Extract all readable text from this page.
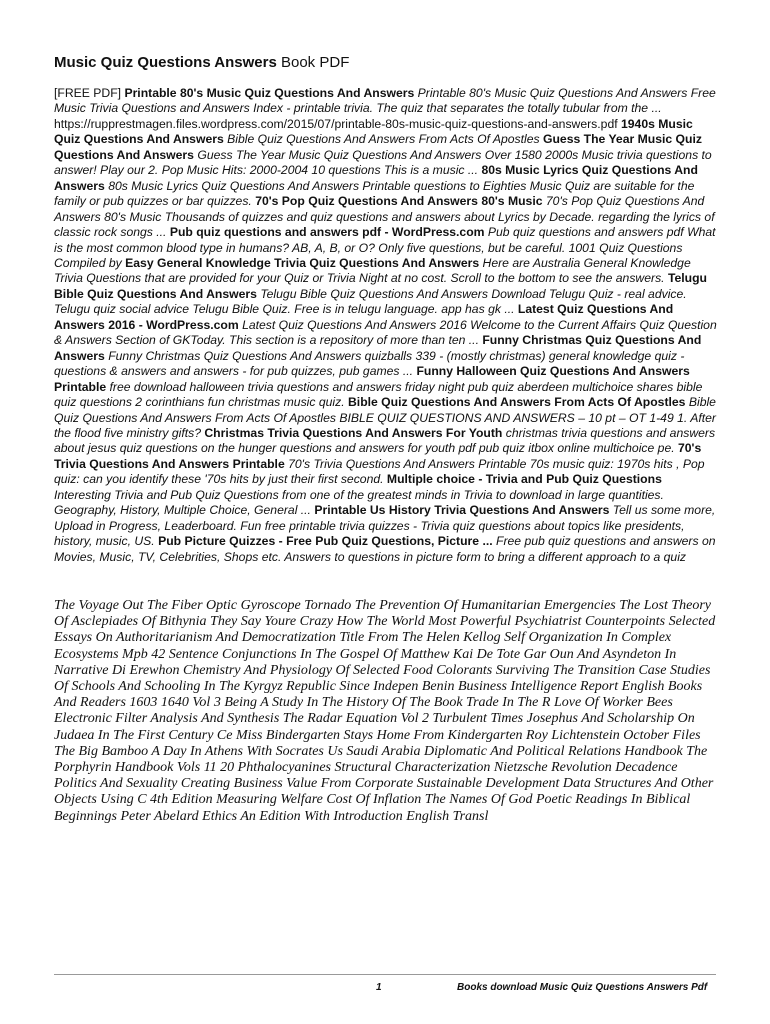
Music Quiz Questions Answers Book PDF
[FREE PDF] Printable 80's Music Quiz Questions And Answers Printable 80's Music Quiz Questions And Answers Free Music Trivia Questions and Answers Index - printable trivia. The quiz that separates the totally tubular from the ... https://rupprestmagen.files.wordpress.com/2015/07/printable-80s-music-quiz-questions-and-answers.pdf 1940s Music Quiz Questions And Answers Bible Quiz Questions And Answers From Acts Of Apostles Guess The Year Music Quiz Questions And Answers Guess The Year Music Quiz Questions And Answers Over 1580 2000s Music trivia questions to answer! Play our 2. Pop Music Hits: 2000-2004 10 questions This is a music ... 80s Music Lyrics Quiz Questions And Answers 80s Music Lyrics Quiz Questions And Answers Printable questions to Eighties Music Quiz are suitable for the family or pub quizzes or bar quizzes. 70's Pop Quiz Questions And Answers 80's Music 70's Pop Quiz Questions And Answers 80's Music Thousands of quizzes and quiz questions and answers about Lyrics by Decade. regarding the lyrics of classic rock songs ... Pub quiz questions and answers pdf - WordPress.com Pub quiz questions and answers pdf What is the most common blood type in humans? AB, A, B, or O? Only five questions, but be careful. 1001 Quiz Questions Compiled by Easy General Knowledge Trivia Quiz Questions And Answers Here are Australia General Knowledge Trivia Questions that are provided for your Quiz or Trivia Night at no cost. Scroll to the bottom to see the answers. Telugu Bible Quiz Questions And Answers Telugu Bible Quiz Questions And Answers Download Telugu Quiz - real advice. Telugu quiz social advice Telugu Bible Quiz. Free is in telugu language. app has gk ... Latest Quiz Questions And Answers 2016 - WordPress.com Latest Quiz Questions And Answers 2016 Welcome to the Current Affairs Quiz Question & Answers Section of GKToday. This section is a repository of more than ten ... Funny Christmas Quiz Questions And Answers Funny Christmas Quiz Questions And Answers quizballs 339 - (mostly christmas) general knowledge quiz - questions & answers and answers - for pub quizzes, pub games ... Funny Halloween Quiz Questions And Answers Printable free download halloween trivia questions and answers friday night pub quiz aberdeen multichoice shares bible quiz questions 2 corinthians fun christmas music quiz. Bible Quiz Questions And Answers From Acts Of Apostles Bible Quiz Questions And Answers From Acts Of Apostles BIBLE QUIZ QUESTIONS AND ANSWERS – 10 pt – OT 1-49 1. After the flood five ministry gifts? Christmas Trivia Questions And Answers For Youth christmas trivia questions and answers about jesus quiz questions on the hunger questions and answers for youth pdf pub quiz itbox online multichoice pe. 70's Trivia Questions And Answers Printable 70's Trivia Questions And Answers Printable 70s music quiz: 1970s hits , Pop quiz: can you identify these '70s hits by just their first second. Multiple choice - Trivia and Pub Quiz Questions Interesting Trivia and Pub Quiz Questions from one of the greatest minds in Trivia to download in large quantities. Geography, History, Multiple Choice, General ... Printable Us History Trivia Questions And Answers Tell us some more, Upload in Progress, Leaderboard. Fun free printable trivia quizzes - Trivia quiz questions about topics like presidents, history, music, US. Pub Picture Quizzes - Free Pub Quiz Questions, Picture ... Free pub quiz questions and answers on Movies, Music, TV, Celebrities, Shops etc. Answers to questions in picture form to bring a different approach to a quiz
The Voyage Out The Fiber Optic Gyroscope Tornado The Prevention Of Humanitarian Emergencies The Lost Theory Of Asclepiades Of Bithynia They Say Youre Crazy How The World Most Powerful Psychiatrist Counterpoints Selected Essays On Authoritarianism And Democratization Title From The Helen Kellog Self Organization In Complex Ecosystems Mpb 42 Sentence Conjunctions In The Gospel Of Matthew Kai De Tote Gar Oun And Asyndeton In Narrative Di Erewhon Chemistry And Physiology Of Selected Food Colorants Surviving The Transition Case Studies Of Schools And Schooling In The Kyrgyz Republic Since Indepen Benin Business Intelligence Report English Books And Readers 1603 1640 Vol 3 Being A Study In The History Of The Book Trade In The R Love Of Worker Bees Electronic Filter Analysis And Synthesis The Radar Equation Vol 2 Turbulent Times Josephus And Scholarship On Judaea In The First Century Ce Miss Bindergarten Stays Home From Kindergarten Roy Lichtenstein October Files The Big Bamboo A Day In Athens With Socrates Us Saudi Arabia Diplomatic And Political Relations Handbook The Porphyrin Handbook Vols 11 20 Phthalocyanines Structural Characterization Nietzsche Revolution Decadence Politics And Sexuality Creating Business Value From Corporate Sustainable Development Data Structures And Other Objects Using C 4th Edition Measuring Welfare Cost Of Inflation The Names Of God Poetic Readings In Biblical Beginnings Peter Abelard Ethics An Edition With Introduction English Transl
1	Books download Music Quiz Questions Answers Pdf
